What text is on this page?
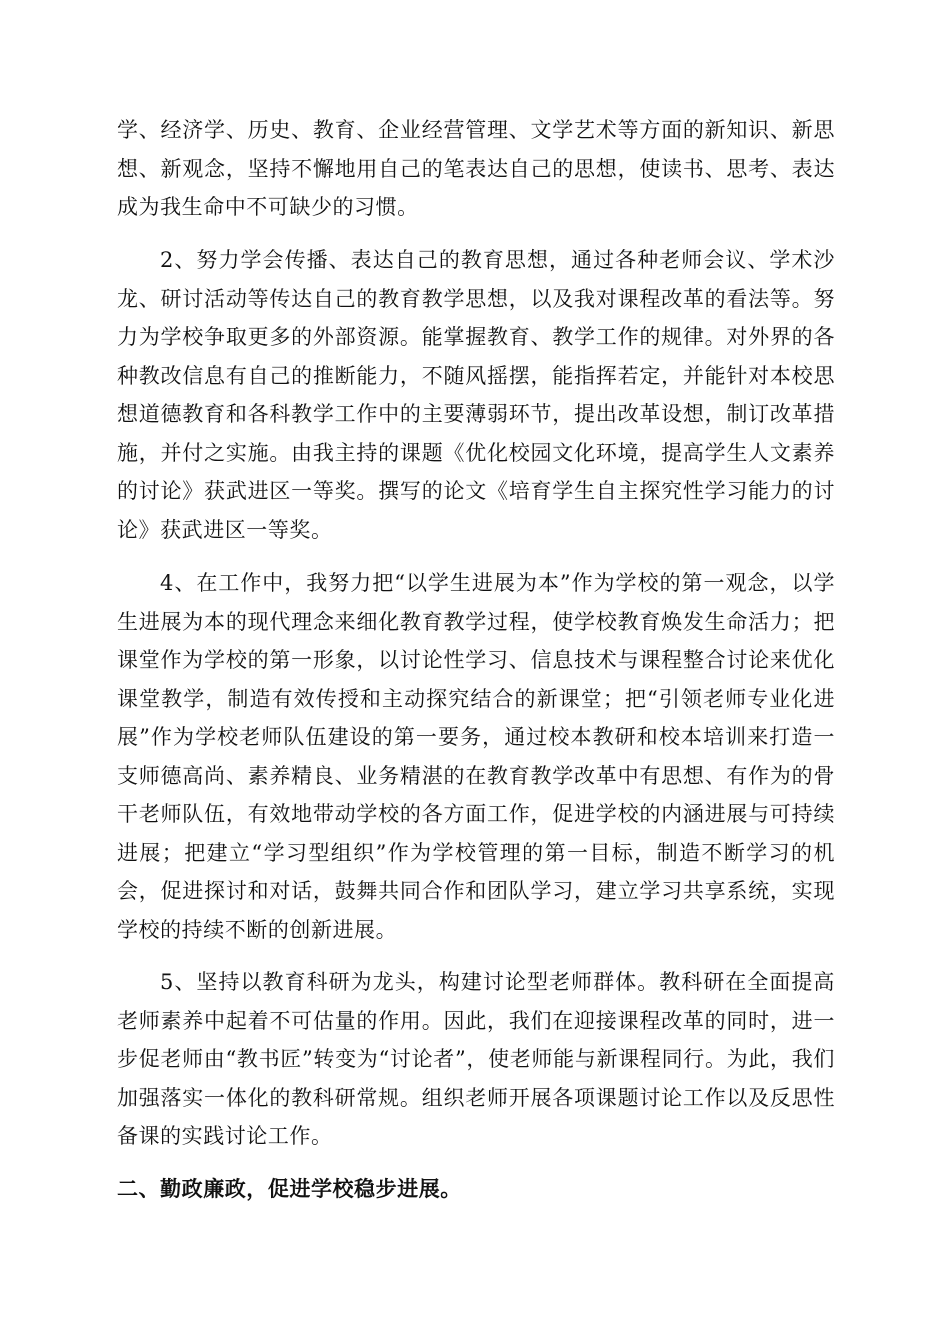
学、经济学、历史、教育、企业经营管理、文学艺术等方面的新知识、新思想、新观念，坚持不懈地用自己的笔表达自己的思想，使读书、思考、表达成为我生命中不可缺少的习惯。

2、努力学会传播、表达自己的教育思想，通过各种老师会议、学术沙龙、研讨活动等传达自己的教育教学思想，以及我对课程改革的看法等。努力为学校争取更多的外部资源。能掌握教育、教学工作的规律。对外界的各种教改信息有自己的推断能力，不随风摇摆，能指挥若定，并能针对本校思想道德教育和各科教学工作中的主要薄弱环节，提出改革设想，制订改革措施，并付之实施。由我主持的课题《优化校园文化环境，提高学生人文素养的讨论》获武进区一等奖。撰写的论文《培育学生自主探究性学习能力的讨论》获武进区一等奖。

4、在工作中，我努力把“以学生进展为本”作为学校的第一观念，以学生进展为本的现代理念来细化教育教学过程，使学校教育焕发生命活力；把课堂作为学校的第一形象，以讨论性学习、信息技术与课程整合讨论来优化课堂教学，制造有效传授和主动探究结合的新课堂；把“引领老师专业化进展”作为学校老师队伍建设的第一要务，通过校本教研和校本培训来打造一支师德高尚、素养精良、业务精湛的在教育教学改革中有思想、有作为的骨干老师队伍，有效地带动学校的各方面工作，促进学校的内涵进展与可持续进展；把建立“学习型组织”作为学校管理的第一目标，制造不断学习的机会，促进探讨和对话，鼓舞共同合作和团队学习，建立学习共享系统，实现学校的持续不断的创新进展。

5、坚持以教育科研为龙头，构建讨论型老师群体。教科研在全面提高老师素养中起着不可估量的作用。因此，我们在迎接课程改革的同时，进一步促老师由“教书匠”转变为“讨论者”，使老师能与新课程同行。为此，我们加强落实一体化的教科研常规。组织老师开展各项课题讨论工作以及反思性备课的实践讨论工作。

二、勤政廉政，促进学校稳步进展。
